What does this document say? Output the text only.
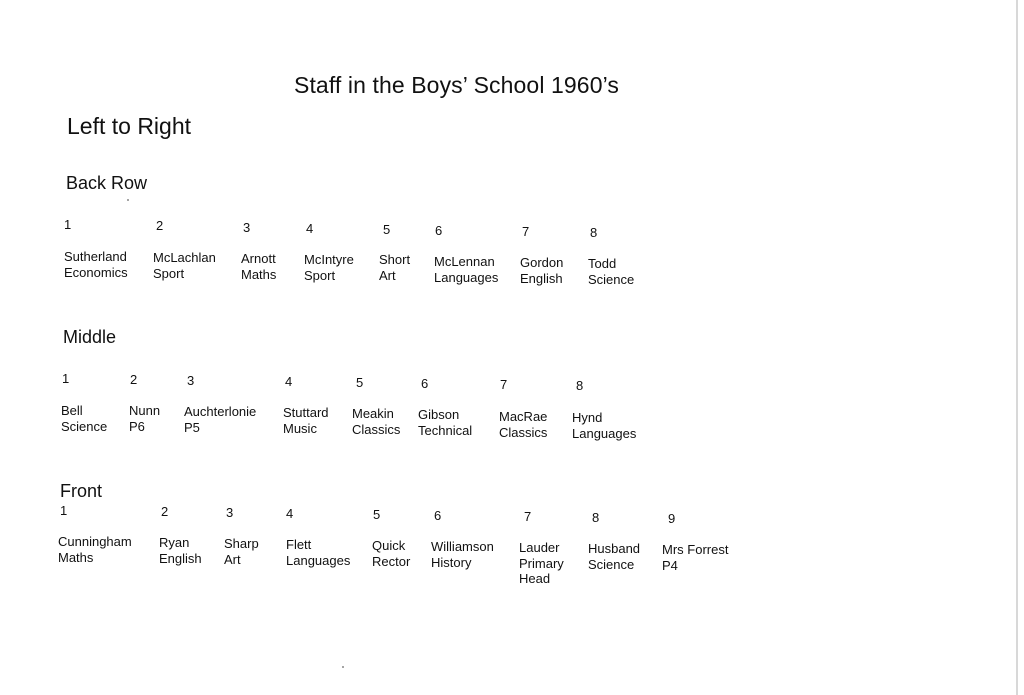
Staff in the Boys’ School 1960’s
Left to Right
Back Row
1
Sutherland
Economics
2
McLachlan
Sport
3
Arnott
Maths
4
McIntyre
Sport
5
Short
Art
6
McLennan
Languages
7
Gordon
English
8
Todd
Science
Middle
1
Bell
Science
2
Nunn
P6
3
Auchterlonie
P5
4
Stuttard
Music
5
Meakin
Classics
6
Gibson
Technical
7
MacRae
Classics
8
Hynd
Languages
Front
1
Cunningham
Maths
2
Ryan
English
3
Sharp
Art
4
Flett
Languages
5
Quick
Rector
6
Williamson
History
7
Lauder
Primary
Head
8
Husband
Science
9
Mrs Forrest
P4
